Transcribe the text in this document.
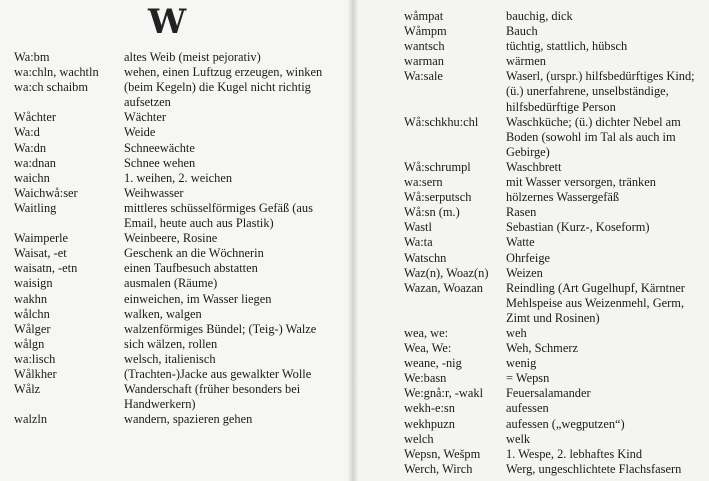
W
Wa:bm	altes Weib (meist pejorativ)
wa:chln, wachtln	wehen, einen Luftzug erzeugen, winken
wa:ch schaibm	(beim Kegeln) die Kugel nicht richtig aufsetzen
Wåchter	Wächter
Wa:d	Weide
Wa:dn	Schneewächte
wa:dnan	Schnee wehen
waichn	1. weihen, 2. weichen
Waichwå:ser	Weihwasser
Waitling	mittleres schüsselförmiges Gefäß (aus Email, heute auch aus Plastik)
Waimperle	Weinbeere, Rosine
Waisat, -et	Geschenk an die Wöchnerin
waisatn, -etn	einen Taufbesuch abstatten
waisign	ausmalen (Räume)
wakhn	einweichen, im Wasser liegen
wålchn	walken, walgen
Wålger	walzenförmiges Bündel; (Teig-) Walze
wålgn	sich wälzen, rollen
wa:lisch	welsch, italienisch
Wålkher	(Trachten-)Jacke aus gewalkter Wolle
Wålz	Wanderschaft (früher besonders bei Handwerkern)
walzln	wandern, spazieren gehen
wåmpat	bauchig, dick
Wåmpm	Bauch
wantsch	tüchtig, stattlich, hübsch
warman	wärmen
Wa:sale	Waserl, (urspr.) hilfsbedürftiges Kind; (ü.) unerfahrene, unselbständige, hilfsbedürftige Person
Wå:schkhu:chl	Waschküche; (ü.) dichter Nebel am Boden (sowohl im Tal als auch im Gebirge)
Wå:schrumpl	Waschbrett
wa:sern	mit Wasser versorgen, tränken
Wå:serputsch	hölzernes Wassergefäß
Wå:sn (m.)	Rasen
Wastl	Sebastian (Kurz-, Koseform)
Wa:ta	Watte
Watschn	Ohrfeige
Waz(n), Woaz(n)	Weizen
Wazan, Woazan	Reindling (Art Gugelhupf, Kärntner Mehlspeise aus Weizenmehl, Germ, Zimt und Rosinen)
wea, we:	weh
Wea, We:	Weh, Schmerz
weane, -nig	wenig
We:basn	= Wepsn
We:gnå:r, -wakl	Feuersalamander
wekh-e:sn	aufessen
wekhpuzn	aufessen („wegputzen“)
welch	welk
Wepsn, Wešpm	1. Wespe, 2. lebhaftes Kind
Werch, Wirch	Werg, ungeschlichtete Flachsfasern
